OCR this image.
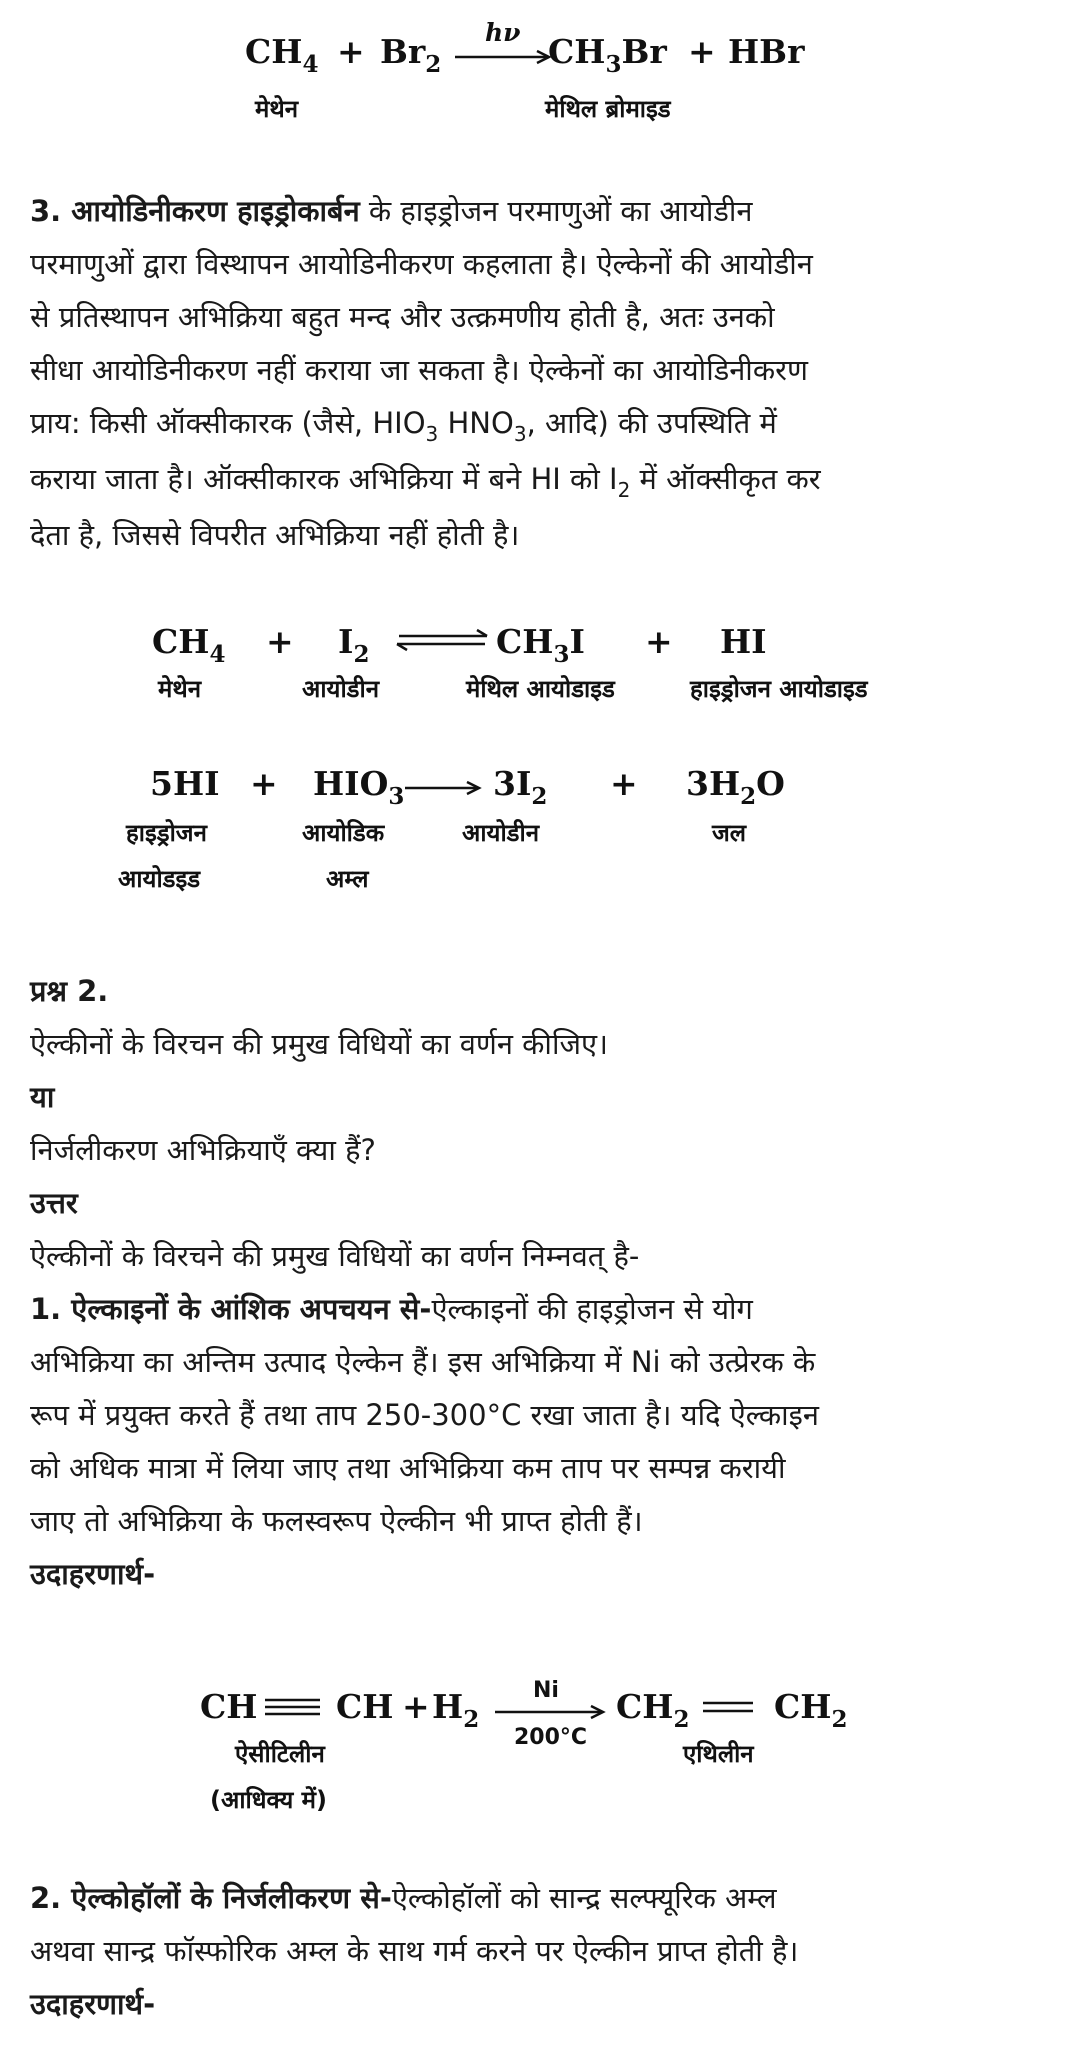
$CH_4 + Br_2$
hν $CH_3Br$ + HBr
मेथेन	मेथिल ब्रोमाइड
3. आयोडिनीकरण हाइड्रोकार्बन के हाइड्रोजन परमाणुओं का आयोडीन
परमाणुओं द्वारा विस्थापन आयोडिनीकरण कहलाता है। ऐल्केनों की आयोडीन
से प्रतिस्थापन अभिक्रिया बहुत मन्द और उत्क्रमणीय होती है, अतः उनको
सीधा आयोडिनीकरण नहीं कराया जा सकता है। ऐल्केनों का आयोडिनीकरण
प्राय: किसी ऑक्सीकारक (जैसे, $HIO_3$ $HNO_3$, आदि) की उपस्थिति में
कराया जाता है। ऑक्सीकारक अभिक्रिया में बने HI को $I_2$ में ऑक्सीकृत कर
देता है, जिससे विपरीत अभिक्रिया नहीं होती है।
$CH_4 + I_2$	$CH_3I$ + HI
मेथेन	आयोडीन	मेथिल आयोडाइड	हाइड्रोजन आयोडाइड
$5HI + HIO_3$	$3I_2 + 3H_2O$
हाइड्रोजन
आयोडइड
आयोडिक
अम्ल
आयोडीन	जल
प्रश्न 2.
ऐल्कीनों के विरचन की प्रमुख विधियों का वर्णन कीजिए।
या
निर्जलीकरण अभिक्रियाएँ क्या हैं?
उत्तर
ऐल्कीनों के विरचने की प्रमुख विधियों का वर्णन निम्नवत् है-
1. ऐल्काइनों के आंशिक अपचयन से-ऐल्काइनों की हाइड्रोजन से योग
अभिक्रिया का अन्तिम उत्पाद ऐल्केन हैं। इस अभिक्रिया में Ni को उत्प्रेरक के
रूप में प्रयुक्त करते हैं तथा ताप 250-300°C रखा जाता है। यदि ऐल्काइन
को अधिक मात्रा में लिया जाए तथा अभिक्रिया कम ताप पर सम्पन्न करायी
जाए तो अभिक्रिया के फलस्वरूप ऐल्कीन भी प्राप्त होती हैं।
उदाहरणार्थ-
CH CH + $H_2$
Ni
200°C
$CH_2$	$CH_2$
ऐसीटिलीन
(आधिक्य में)
एथिलीन
2. ऐल्कोहॉलों के निर्जलीकरण से-ऐल्कोहॉलों को सान्द्र सल्फ्यूरिक अम्ल
अथवा सान्द्र फॉस्फोरिक अम्ल के साथ गर्म करने पर ऐल्कीन प्राप्त होती है।
उदाहरणार्थ-
